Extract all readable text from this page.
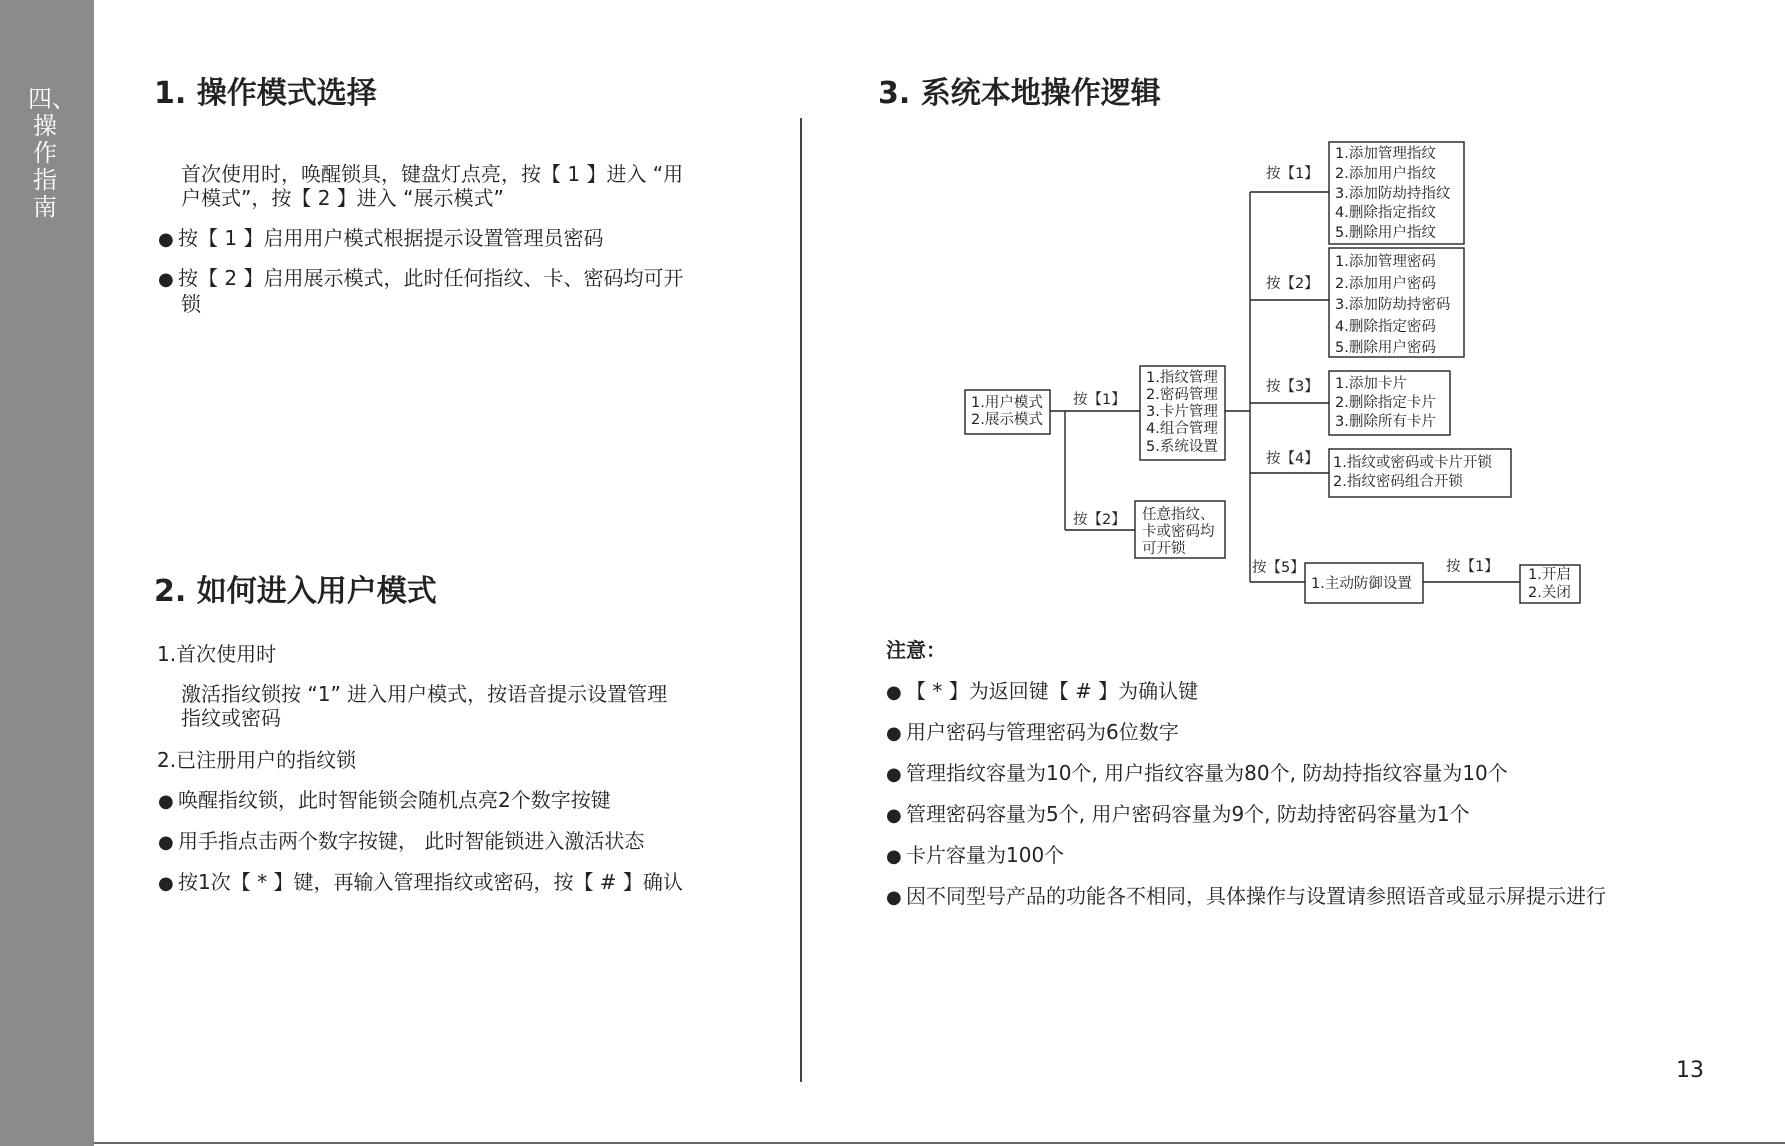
四、操作指南
1. 操作模式选择
首次使用时，唤醒锁具，键盘灯点亮，按【 1 】进入 “用
户模式”，按【 2 】进入 “展示模式”
● 按【 1 】启用用户模式根据提示设置管理员密码
● 按【 2 】启用展示模式，此时任何指纹、卡、密码均可开
锁
2. 如何进入用户模式
1.首次使用时
激活指纹锁按 “1” 进入用户模式，按语音提示设置管理
指纹或密码
2.已注册用户的指纹锁
● 唤醒指纹锁，此时智能锁会随机点亮2个数字按键
● 用手指点击两个数字按键， 此时智能锁进入激活状态
● 按1次【 * 】键，再输入管理指纹或密码，按【 # 】确认
3. 系统本地操作逻辑
1.用户模式
2.展示模式
按【1】
按【2】
1.指纹管理
2.密码管理
3.卡片管理
4.组合管理
5.系统设置
任意指纹、
卡或密码均
可开锁
按【1】
按【2】
按【3】
按【4】
按【5】
1.添加管理指纹
2.添加用户指纹
3.添加防劫持指纹
4.删除指定指纹
5.删除用户指纹
1.添加管理密码
2.添加用户密码
3.添加防劫持密码
4.删除指定密码
5.删除用户密码
1.添加卡片
2.删除指定卡片
3.删除所有卡片
1.指纹或密码或卡片开锁
2.指纹密码组合开锁
1.主动防御设置
按【1】 1.开启
2.关闭
注意：
● 【 * 】为返回键【 # 】为确认键
● 用户密码与管理密码为6位数字
● 管理指纹容量为10个, 用户指纹容量为80个, 防劫持指纹容量为10个
● 管理密码容量为5个, 用户密码容量为9个, 防劫持密码容量为1个
● 卡片容量为100个
● 因不同型号产品的功能各不相同，具体操作与设置请参照语音或显示屏提示进行
13
